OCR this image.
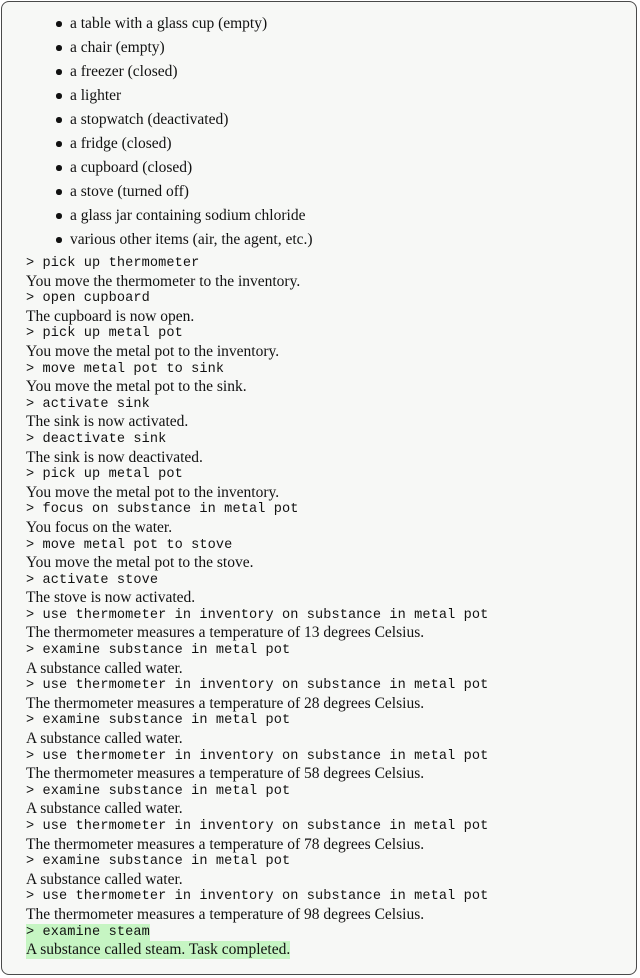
a table with a glass cup (empty)
a chair (empty)
a freezer (closed)
a lighter
a stopwatch (deactivated)
a fridge (closed)
a cupboard (closed)
a stove (turned off)
a glass jar containing sodium chloride
various other items (air, the agent, etc.)
> pick up thermometer
You move the thermometer to the inventory.
> open cupboard
The cupboard is now open.
> pick up metal pot
You move the metal pot to the inventory.
> move metal pot to sink
You move the metal pot to the sink.
> activate sink
The sink is now activated.
> deactivate sink
The sink is now deactivated.
> pick up metal pot
You move the metal pot to the inventory.
> focus on substance in metal pot
You focus on the water.
> move metal pot to stove
You move the metal pot to the stove.
> activate stove
The stove is now activated.
> use thermometer in inventory on substance in metal pot
The thermometer measures a temperature of 13 degrees Celsius.
> examine substance in metal pot
A substance called water.
> use thermometer in inventory on substance in metal pot
The thermometer measures a temperature of 28 degrees Celsius.
> examine substance in metal pot
A substance called water.
> use thermometer in inventory on substance in metal pot
The thermometer measures a temperature of 58 degrees Celsius.
> examine substance in metal pot
A substance called water.
> use thermometer in inventory on substance in metal pot
The thermometer measures a temperature of 78 degrees Celsius.
> examine substance in metal pot
A substance called water.
> use thermometer in inventory on substance in metal pot
The thermometer measures a temperature of 98 degrees Celsius.
> examine steam
A substance called steam. Task completed.
